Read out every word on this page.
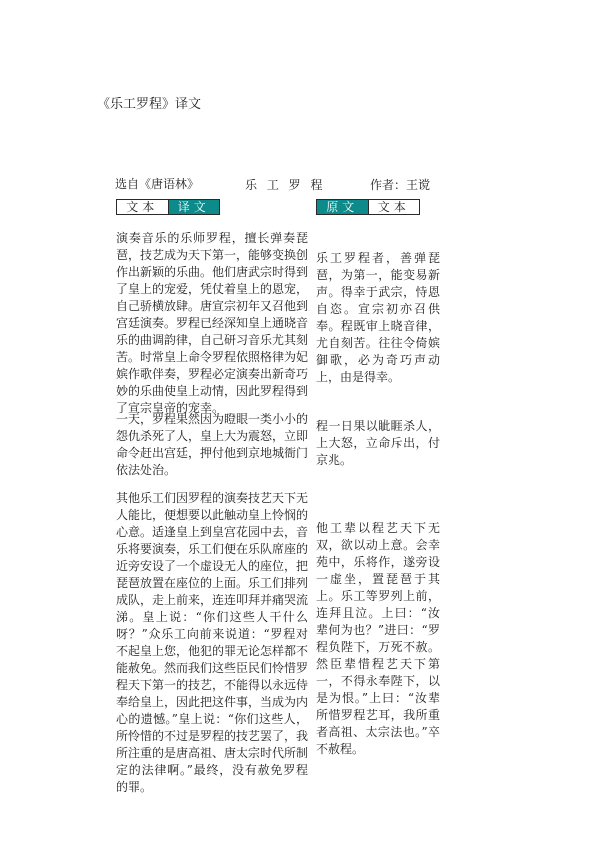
《乐工罗程》译文
选自《唐语林》	乐 工 罗 程	作者：王谠
文本	译文	原文	文本

演奏音乐的乐师罗程，擅长弹奏琵琶，技艺成为天下第一，能够变换创作出新颖的乐曲。他们唐武宗时得到了皇上的宠爱，凭仗着皇上的恩宠，自己骄横放肆。唐宣宗初年又召他到宫廷演奏。罗程已经深知皇上通晓音乐的曲调韵律，自己研习音乐尤其刻苦。时常皇上命令罗程依照格律为妃嫔作歌伴奏，罗程必定演奏出新奇巧妙的乐曲使皇上动情，因此罗程得到了宣宗皇帝的宠幸。

一天，罗程果然因为瞪眼一类小小的怨仇杀死了人，皇上大为震怒，立即命令赶出宫廷，押付他到京地城衙门依法处治。

其他乐工们因罗程的演奏技艺天下无人能比，便想要以此触动皇上怜悯的心意。适逢皇上到皇宫花园中去，音乐将要演奏，乐工们便在乐队席座的近旁安设了一个虚设无人的座位，把琵琶放置在座位的上面。乐工们排列成队，走上前来，连连叩拜并痛哭流涕。皇上说：“你们这些人干什么呀？”众乐工向前来说道：“罗程对不起皇上您，他犯的罪无论怎样都不能赦免。然而我们这些臣民们怜惜罗程天下第一的技艺，不能得以永远侍奉给皇上，因此把这件事，当成为内心的遗憾。”皇上说：“你们这些人，所怜惜的不过是罗程的技艺罢了，我所注重的是唐高祖、唐太宗时代所制定的法律啊。”最终，没有赦免罗程的罪。

乐工罗程者，善弹琵琶，为第一，能变易新声。得幸于武宗，恃恩自恣。宣宗初亦召供奉。程既审上晓音律，尤自刻苦。往往令倚嫔御歌，必为奇巧声动上，由是得幸。

程一日果以眦睚杀人，上大怒，立命斥出，付京兆。

他工辈以程艺天下无双，欲以动上意。会幸苑中，乐将作，遂旁设一虚坐，置琵琶于其上。乐工等罗列上前，连拜且泣。上曰：“汝辈何为也？”进曰：“罗程负陛下，万死不赦。然臣辈惜程艺天下第一，不得永奉陛下，以是为恨。”上曰：“汝辈所惜罗程艺耳，我所重者高祖、太宗法也。”卒不赦程。
